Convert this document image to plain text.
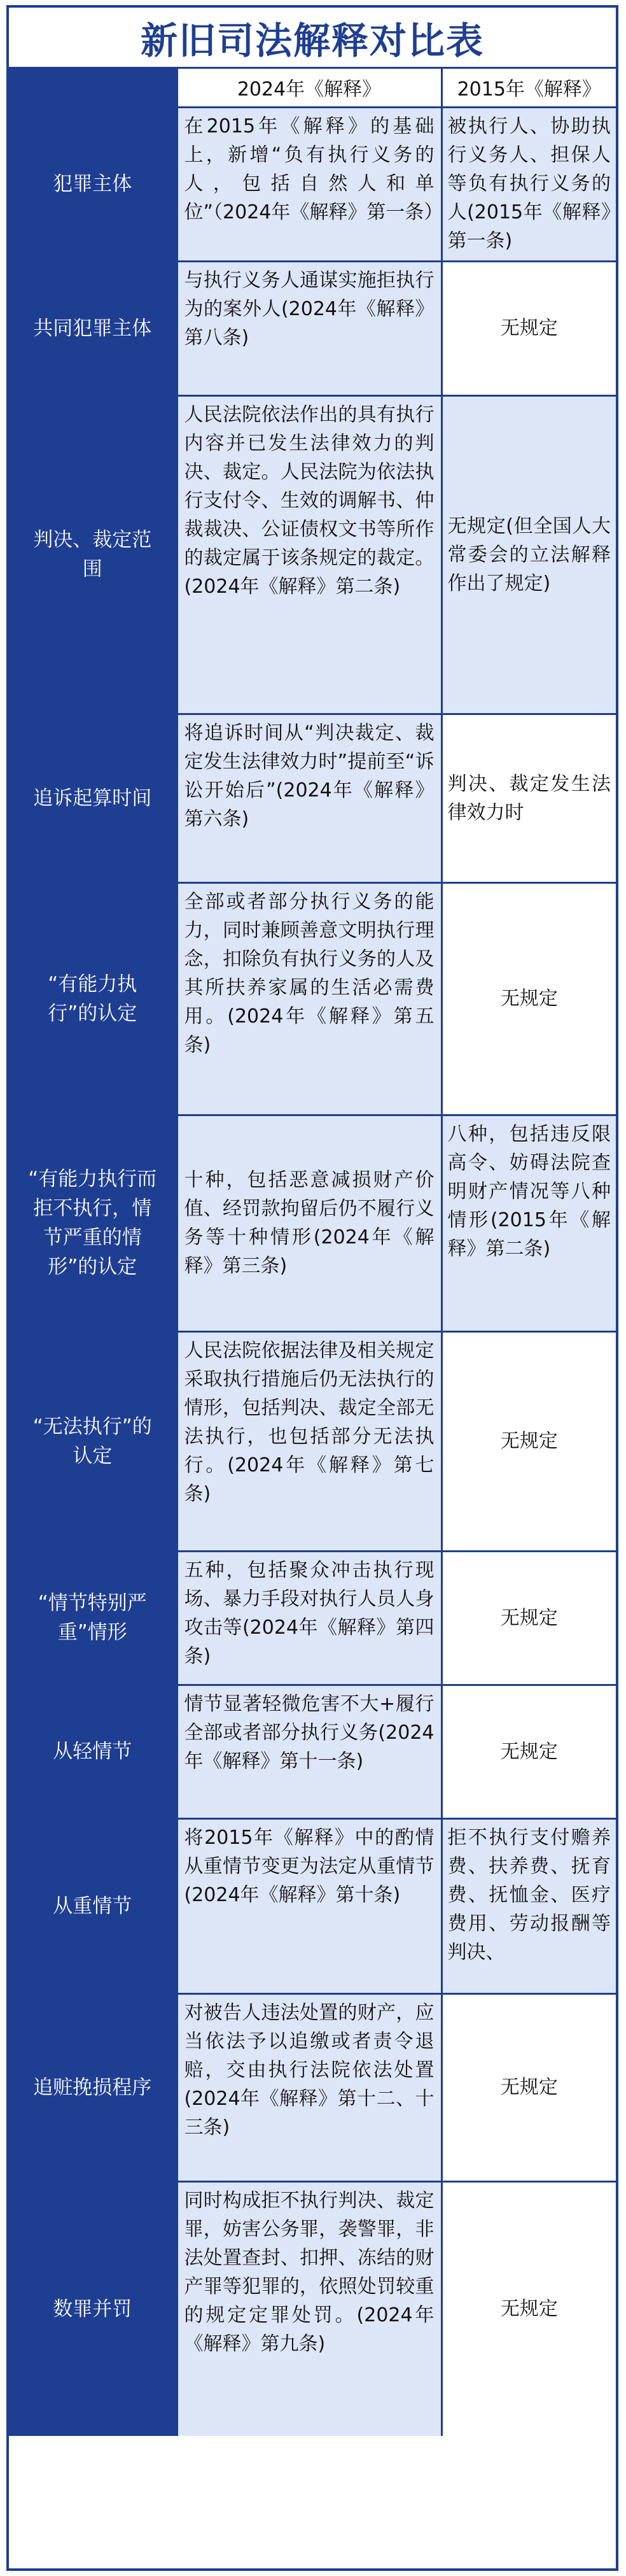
新旧司法解释对比表
	2024年《解释》	2015年《解释》
犯罪主体	在2015年《解释》的基础上，新增“负有执行义务的人，包括自然人和单位”（2024年《解释》第一条）	被执行人、协助执行义务人、担保人等负有执行义务的人(2015年《解释》第一条)
共同犯罪主体	与执行义务人通谋实施拒执行为的案外人(2024年《解释》第八条)	无规定
判决、裁定范围	人民法院依法作出的具有执行内容并已发生法律效力的判决、裁定。人民法院为依法执行支付令、生效的调解书、仲裁裁决、公证债权文书等所作的裁定属于该条规定的裁定。(2024年《解释》第二条)	无规定(但全国人大常委会的立法解释作出了规定)
追诉起算时间	将追诉时间从“判决裁定、裁定发生法律效力时”提前至“诉讼开始后”(2024年《解释》第六条)	判决、裁定发生法律效力时
“有能力执行”的认定	全部或者部分执行义务的能力，同时兼顾善意文明执行理念，扣除负有执行义务的人及其所扶养家属的生活必需费用。(2024年《解释》第五条)	无规定
“有能力执行而拒不执行，情节严重的情形”的认定	十种，包括恶意减损财产价值、经罚款拘留后仍不履行义务等十种情形(2024年《解释》第三条)	八种，包括违反限高令、妨碍法院查明财产情况等八种情形(2015年《解释》第二条)
“无法执行”的认定	人民法院依据法律及相关规定采取执行措施后仍无法执行的情形，包括判决、裁定全部无法执行，也包括部分无法执行。(2024年《解释》第七条)	无规定
“情节特别严重”情形	五种，包括聚众冲击执行现场、暴力手段对执行人员人身攻击等(2024年《解释》第四条)	无规定
从轻情节	情节显著轻微危害不大+履行全部或者部分执行义务(2024年《解释》第十一条)	无规定
从重情节	将2015年《解释》中的酌情从重情节变更为法定从重情节(2024年《解释》第十条)	拒不执行支付赡养费、扶养费、抚育费、抚恤金、医疗费用、劳动报酬等判决、
追赃挽损程序	对被告人违法处置的财产，应当依法予以追缴或者责令退赔，交由执行法院依法处置(2024年《解释》第十二、十三条)	无规定
数罪并罚	同时构成拒不执行判决、裁定罪，妨害公务罪，袭警罪，非法处置查封、扣押、冻结的财产罪等犯罪的，依照处罚较重的规定定罪处罚。(2024年《解释》第九条)	无规定
